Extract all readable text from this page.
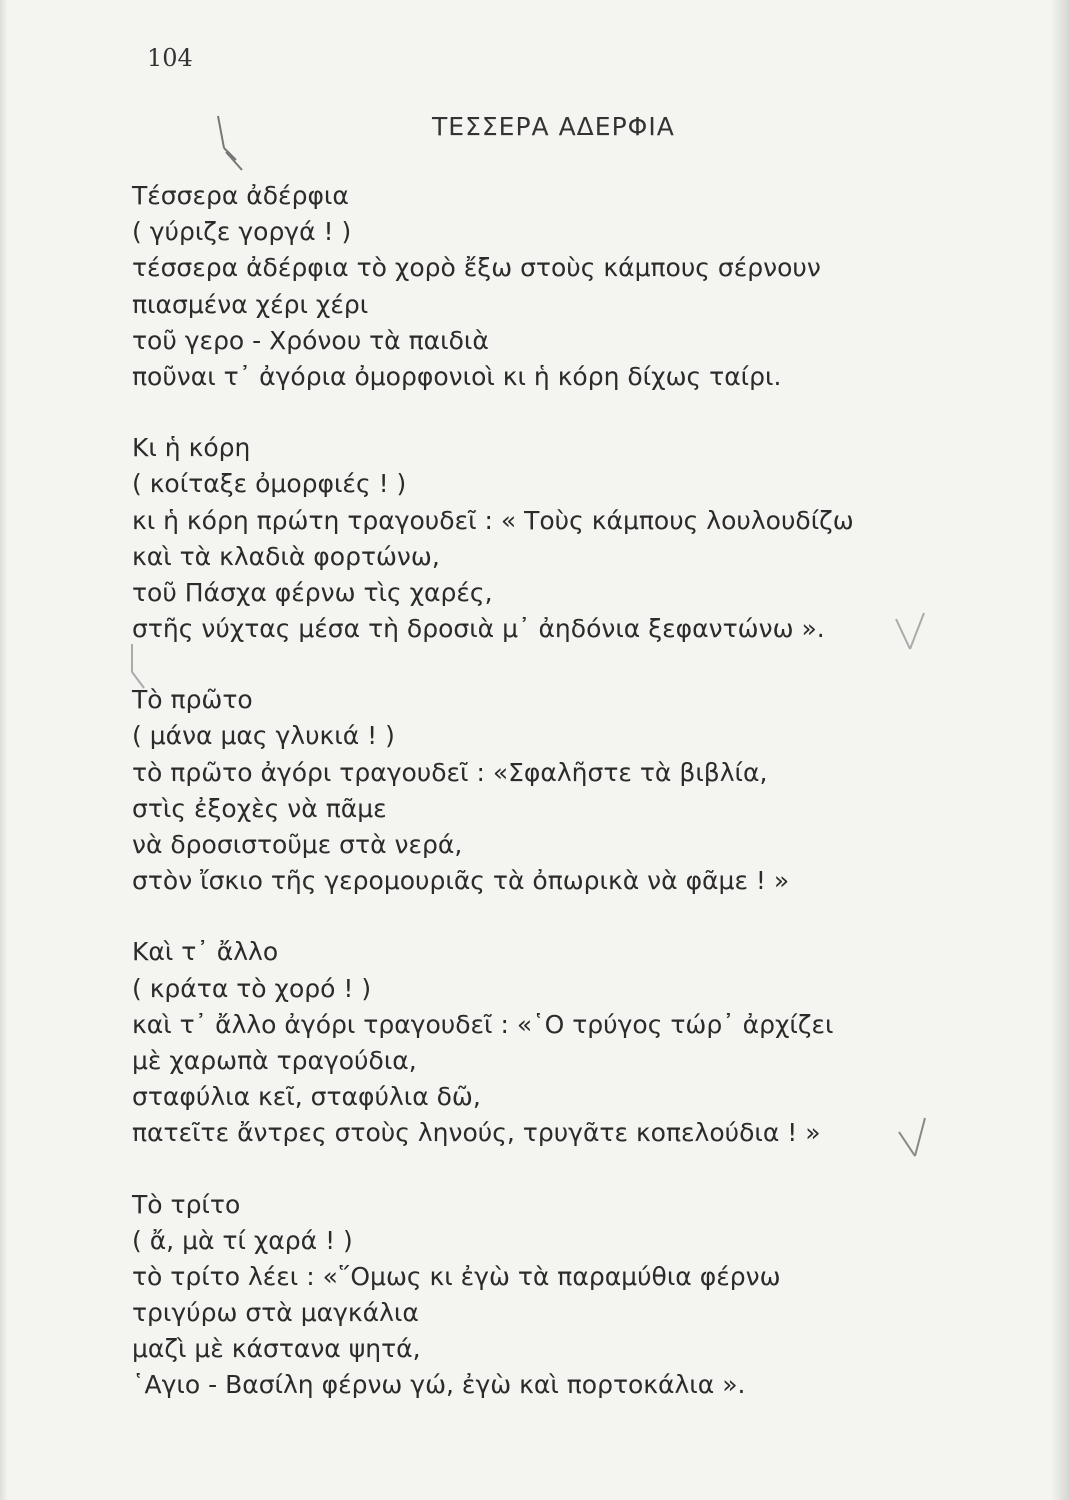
104
ΤΕΣΣΕΡΑ ΑΔΕΡΦΙΑ
Τέσσερα ἀδέρφια
( γύριζε γοργά ! )
τέσσερα ἀδέρφια τὸ χορὸ ἔξω στοὺς κάμπους σέρνουν
πιασμένα χέρι χέρι
τοῦ γερο - Χρόνου τὰ παιδιὰ
ποῦναι τ᾽ ἀγόρια ὀμορφονιοὶ κι ἡ κόρη δίχως ταίρι.
Κι ἡ κόρη
( κοίταξε ὀμορφιές ! )
κι ἡ κόρη πρώτη τραγουδεῖ : « Τοὺς κάμπους λουλουδίζω
καὶ τὰ κλαδιὰ φορτώνω,
τοῦ Πάσχα φέρνω τὶς χαρές,
στῆς νύχτας μέσα τὴ δροσιὰ μ᾽ ἀηδόνια ξεφαντώνω ».
Τὸ πρῶτο
( μάνα μας γλυκιά ! )
τὸ πρῶτο ἀγόρι τραγουδεῖ : «Σφαλῆστε τὰ βιβλία,
στὶς ἐξοχὲς νὰ πᾶμε
νὰ δροσιστοῦμε στὰ νερά,
στὸν ἴσκιο τῆς γερομουριᾶς τὰ ὀπωρικὰ νὰ φᾶμε ! »
Καὶ τ᾽ ἄλλο
( κράτα τὸ χορό ! )
καὶ τ᾽ ἄλλο ἀγόρι τραγουδεῖ : «῾Ο τρύγος τώρ᾽ ἀρχίζει
μὲ χαρωπὰ τραγούδια,
σταφύλια κεῖ, σταφύλια δῶ,
πατεῖτε ἄντρες στοὺς ληνούς, τρυγᾶτε κοπελούδια ! »
Τὸ τρίτο
( ἄ, μὰ τί χαρά ! )
τὸ τρίτο λέει : «῞Ομως κι ἐγὼ τὰ παραμύθια φέρνω
τριγύρω στὰ μαγκάλια
μαζὶ μὲ κάστανα ψητά,
῾Αγιο - Βασίλη φέρνω γώ, ἐγὼ καὶ πορτοκάλια ».
